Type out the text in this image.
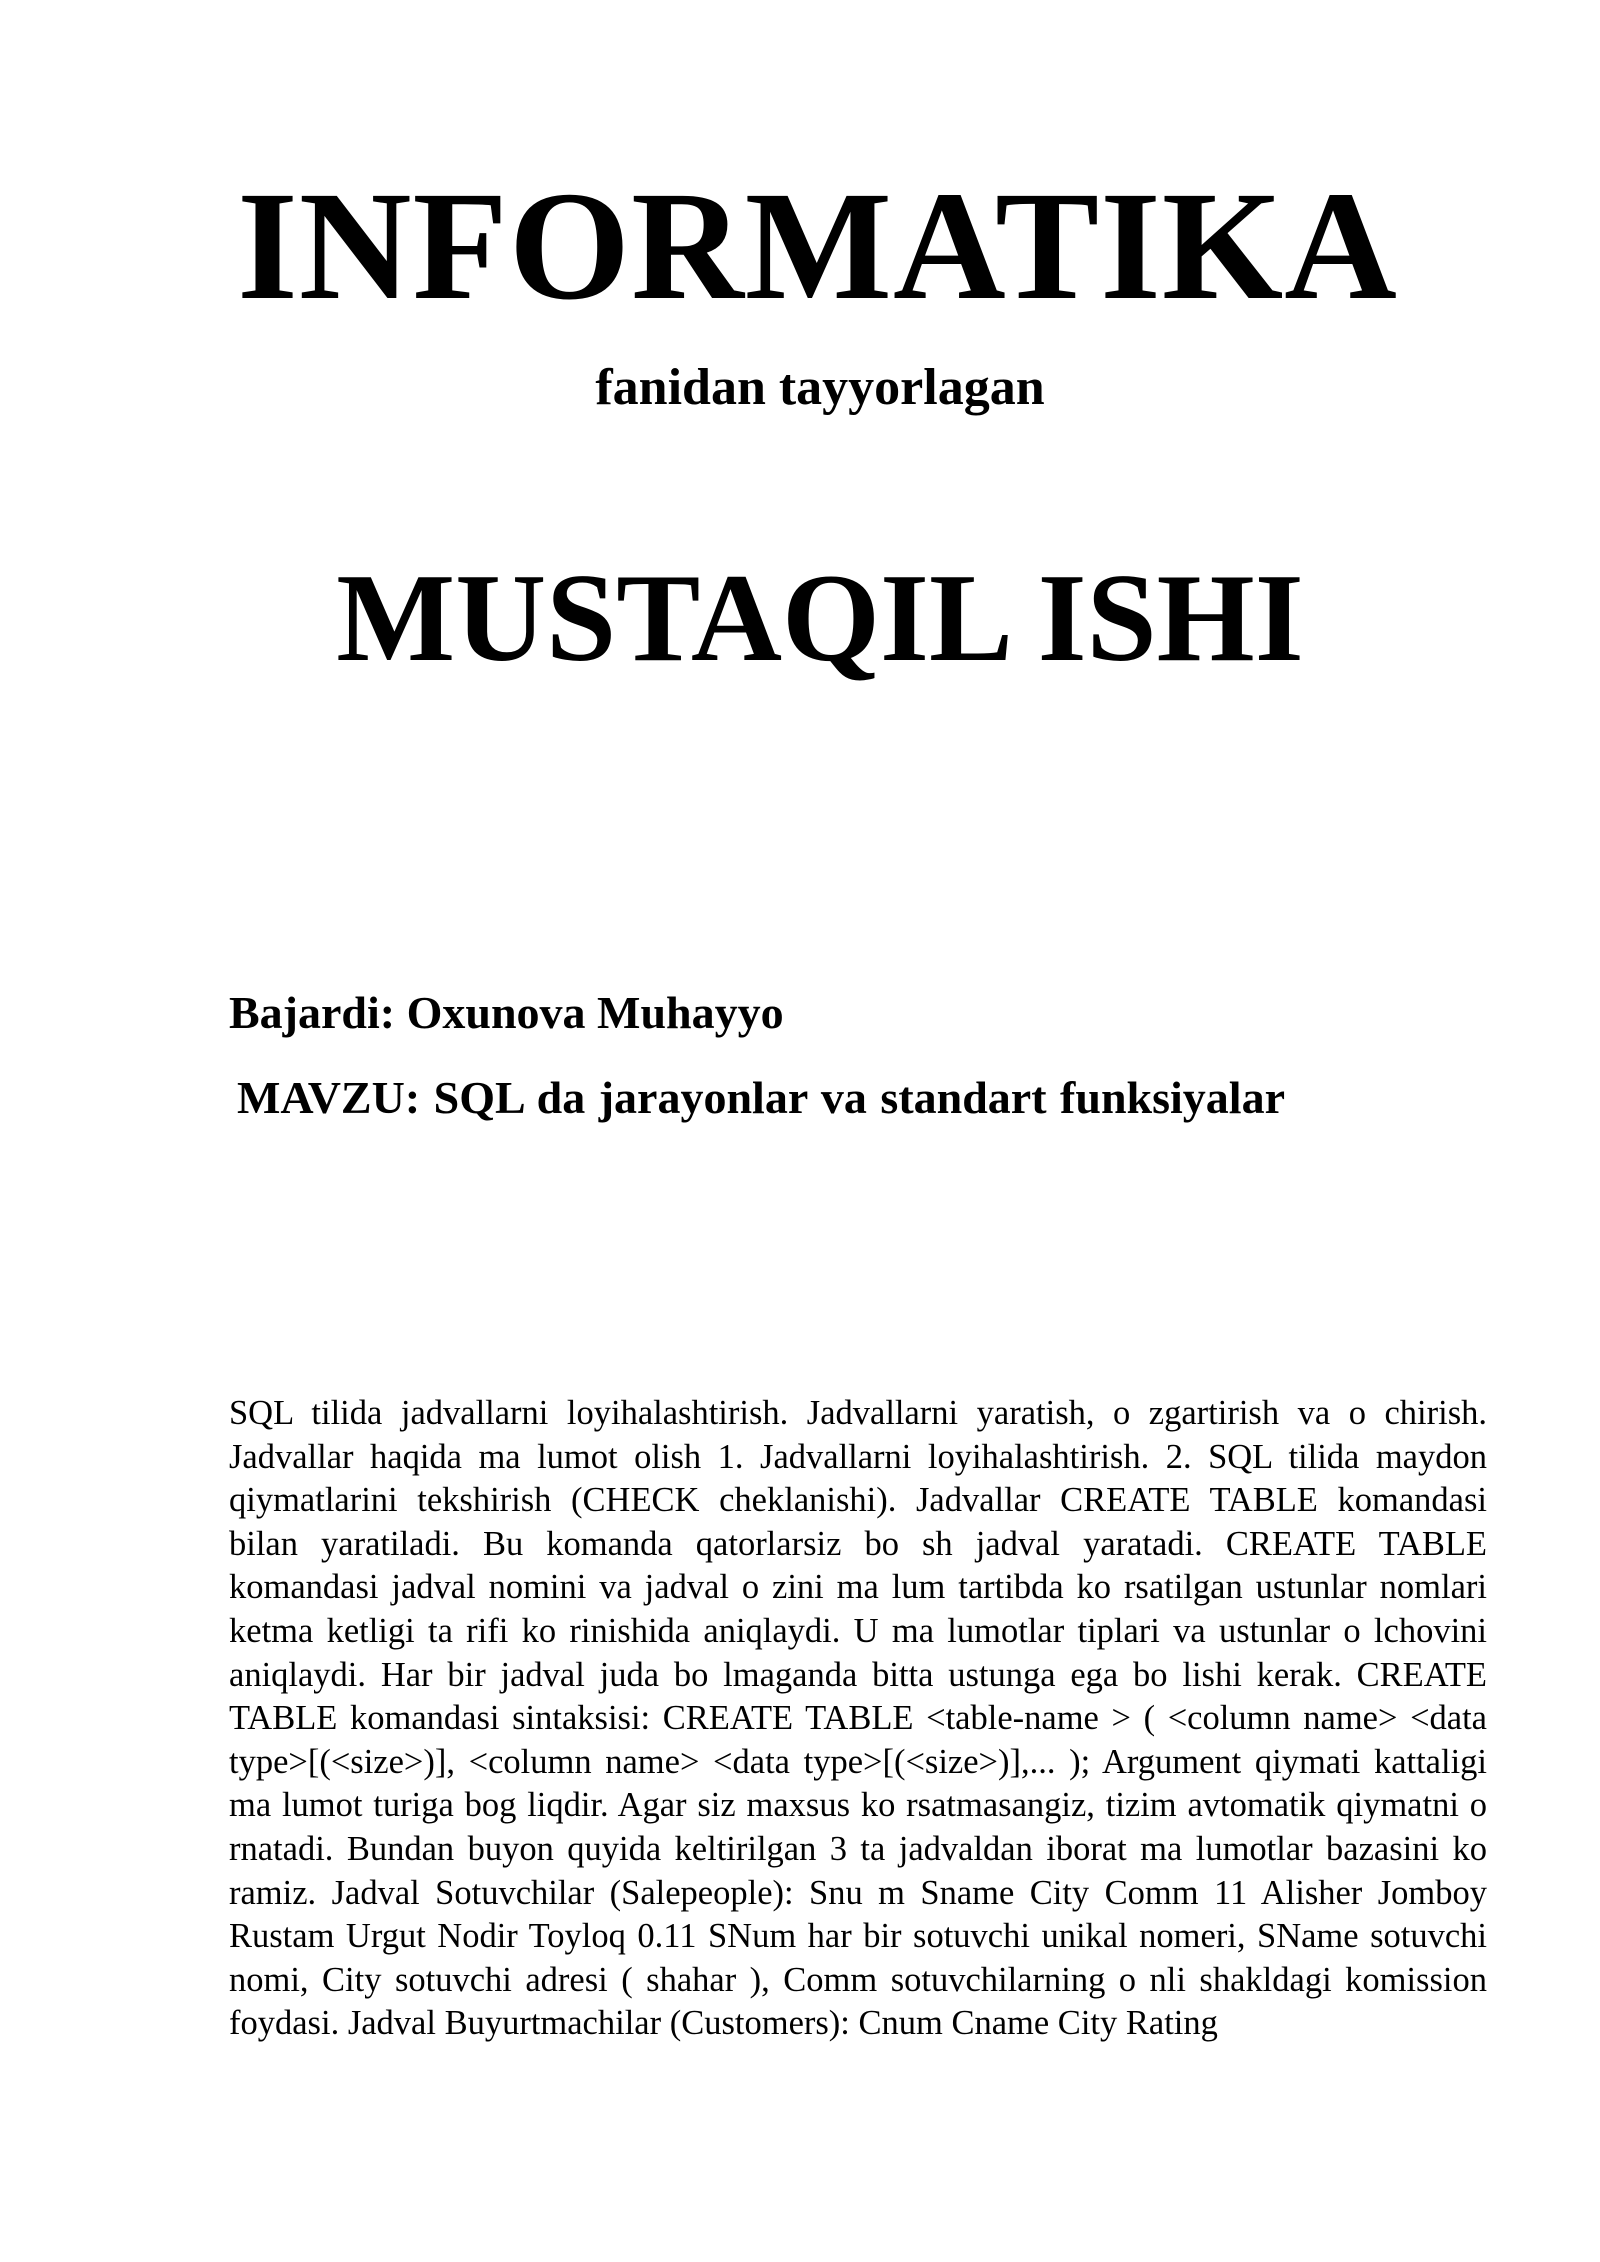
INFORMATIKA
fanidan tayyorlagan
MUSTAQIL ISHI

Bajardi: Oxunova Muhayyo

MAVZU: SQL da jarayonlar va standart funksiyalar

SQL tilida jadvallarni loyihalashtirish. Jadvallarni yaratish, o zgartirish va o chirish. Jadvallar haqida ma lumot olish 1. Jadvallarni loyihalashtirish. 2. SQL tilida maydon qiymatlarini tekshirish (CHECK cheklanishi). Jadvallar CREATE TABLE komandasi bilan yaratiladi. Bu komanda qatorlarsiz bo sh jadval yaratadi. CREATE TABLE komandasi jadval nomini va jadval o zini ma lum tartibda ko rsatilgan ustunlar nomlari ketma ketligi ta rifi ko rinishida aniqlaydi. U ma lumotlar tiplari va ustunlar o lchovini aniqlaydi. Har bir jadval juda bo lmaganda bitta ustunga ega bo lishi kerak. CREATE TABLE komandasi sintaksisi: CREATE TABLE <table-name > ( <column name> <data type>[(<size>)], <column name> <data type>[(<size>)],... ); Argument qiymati kattaligi ma lumot turiga bog liqdir. Agar siz maxsus ko rsatmasangiz, tizim avtomatik qiymatni o rnatadi. Bundan buyon quyida keltirilgan 3 ta jadvaldan iborat ma lumotlar bazasini ko ramiz. Jadval Sotuvchilar (Salepeople): Snu m Sname City Comm 11 Alisher Jomboy Rustam Urgut Nodir Toyloq 0.11 SNum har bir sotuvchi unikal nomeri, SName sotuvchi nomi, City sotuvchi adresi ( shahar ), Comm sotuvchilarning o nli shakldagi komission foydasi. Jadval Buyurtmachilar (Customers): Cnum Cname City Rating
